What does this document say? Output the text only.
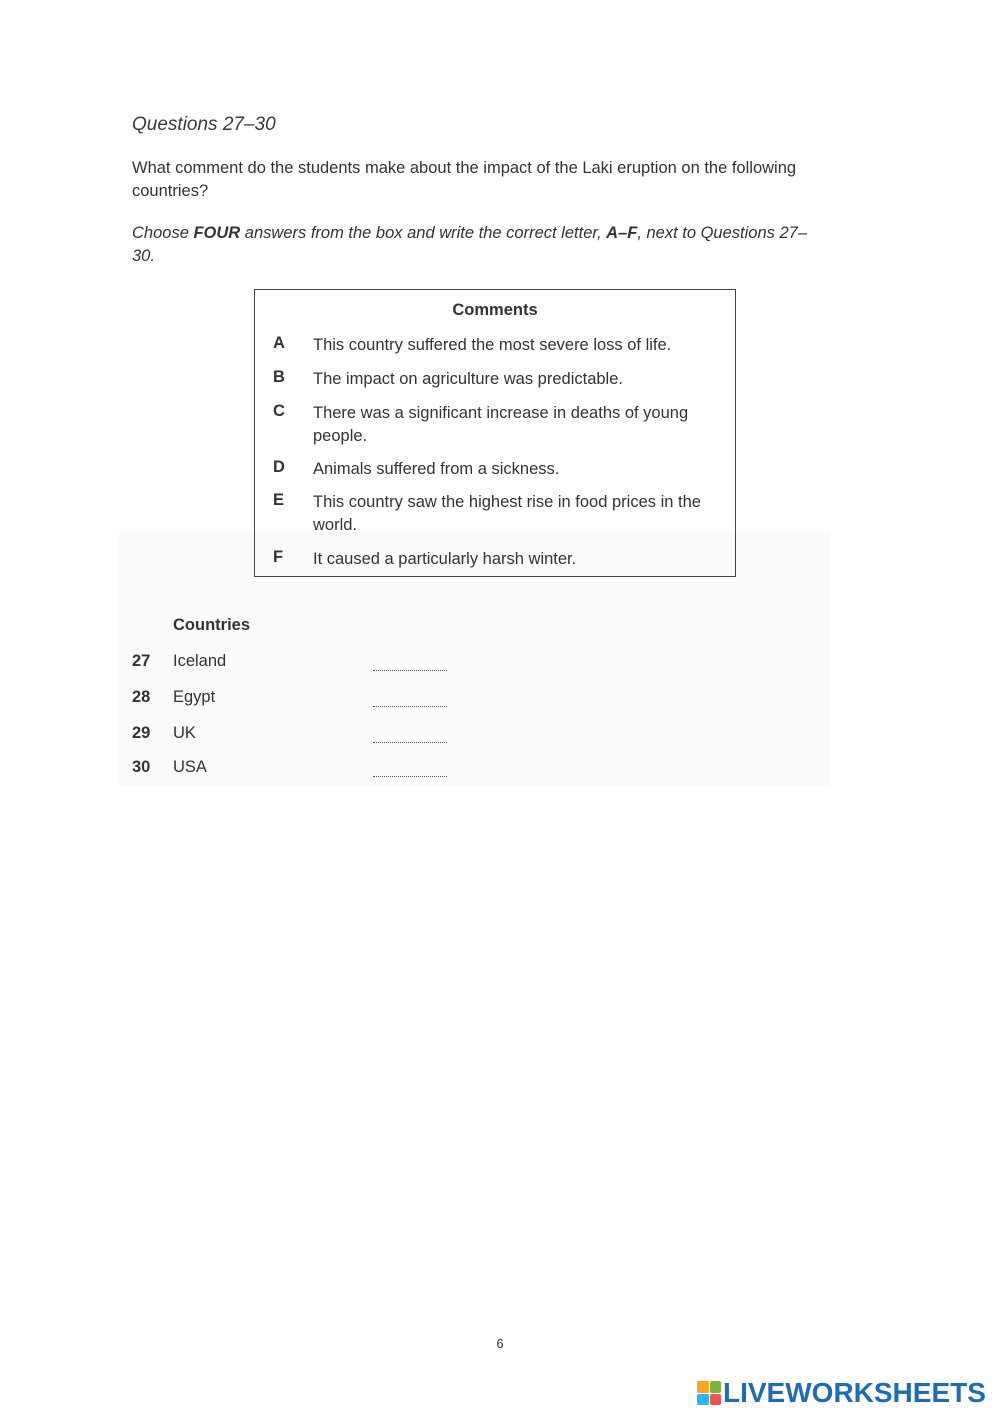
Questions 27–30
What comment do the students make about the impact of the Laki eruption on the following countries?
Choose FOUR answers from the box and write the correct letter, A–F, next to Questions 27–30.
Comments
A	This country suffered the most severe loss of life.
B	The impact on agriculture was predictable.
C	There was a significant increase in deaths of young people.
D	Animals suffered from a sickness.
E	This country saw the highest rise in food prices in the world.
F	It caused a particularly harsh winter.
Countries
27 Iceland
28 Egypt
29 UK
30 USA
6
LIVEWORKSHEETS
